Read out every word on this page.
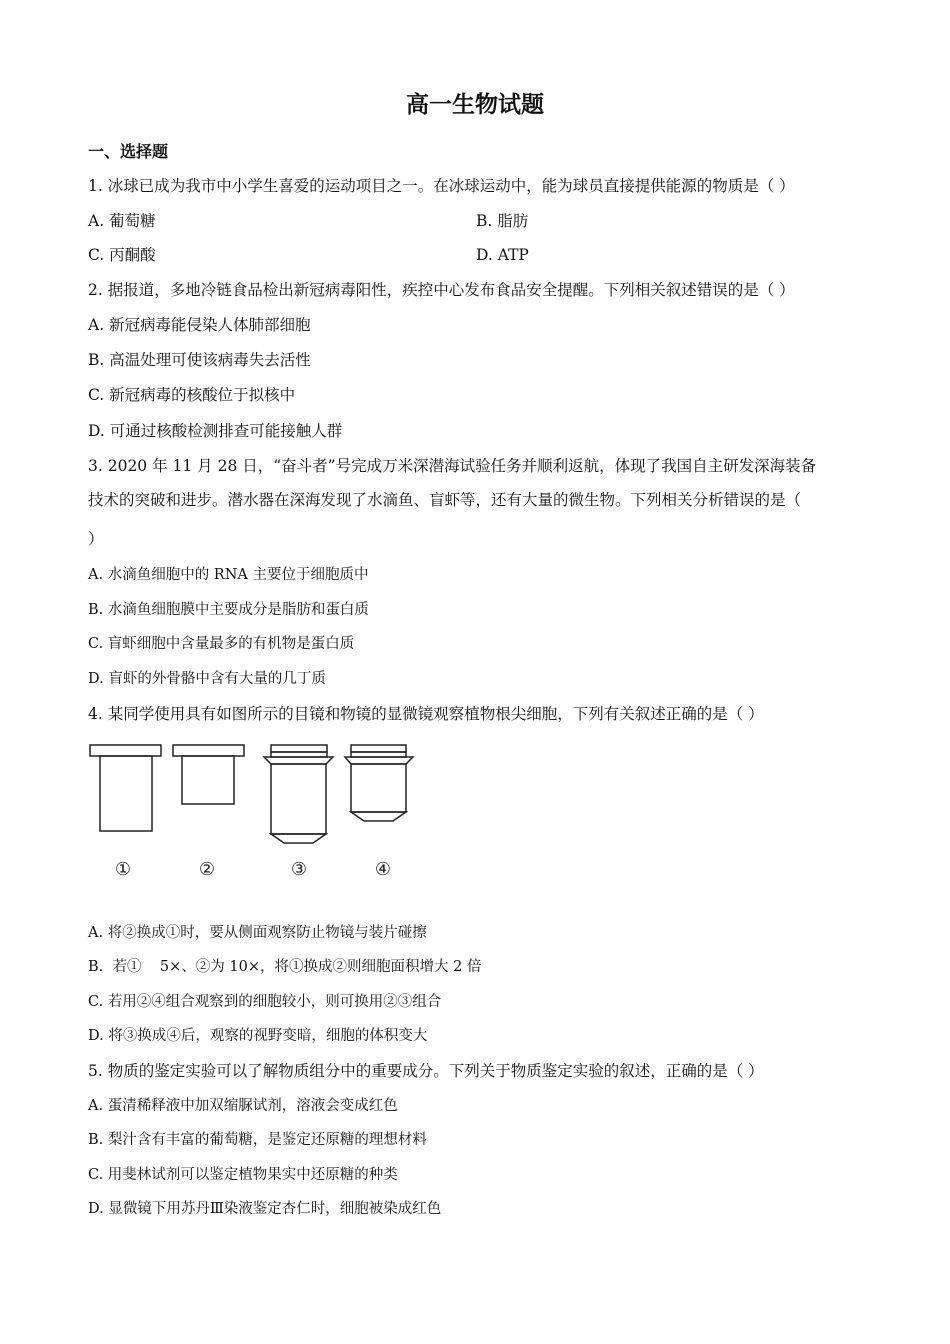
高一生物试题
一、选择题
1. 冰球已成为我市中小学生喜爱的运动项目之一。在冰球运动中，能为球员直接提供能源的物质是（ ）
A. 葡萄糖	B. 脂肪
C. 丙酮酸	D. ATP
2. 据报道，多地冷链食品检出新冠病毒阳性，疾控中心发布食品安全提醒。下列相关叙述错误的是（ ）
A. 新冠病毒能侵染人体肺部细胞
B. 高温处理可使该病毒失去活性
C. 新冠病毒的核酸位于拟核中
D. 可通过核酸检测排查可能接触人群
3. 2020 年 11 月 28 日，“奋斗者”号完成万米深潜海试验任务并顺利返航，体现了我国自主研发深海装备
技术的突破和进步。潜水器在深海发现了水滴鱼、盲虾等，还有大量的微生物。下列相关分析错误的是（
）
A. 水滴鱼细胞中的 RNA 主要位于细胞质中
B. 水滴鱼细胞膜中主要成分是脂肪和蛋白质
C. 盲虾细胞中含量最多的有机物是蛋白质
D. 盲虾的外骨骼中含有大量的几丁质
4. 某同学使用具有如图所示的目镜和物镜的显微镜观察植物根尖细胞，下列有关叙述正确的是（ ）
①	②	③	④
A. 将②换成①时，要从侧面观察防止物镜与装片碰擦
B.  若①    5×、②为 10×，将①换成②则细胞面积增大 2 倍
C. 若用②④组合观察到的细胞较小，则可换用②③组合
D. 将③换成④后，观察的视野变暗，细胞的体积变大
5. 物质的鉴定实验可以了解物质组分中的重要成分。下列关于物质鉴定实验的叙述，正确的是（ ）
A. 蛋清稀释液中加双缩脲试剂，溶液会变成红色
B. 梨汁含有丰富的葡萄糖，是鉴定还原糖的理想材料
C. 用斐林试剂可以鉴定植物果实中还原糖的种类
D. 显微镜下用苏丹Ⅲ染液鉴定杏仁时，细胞被染成红色
